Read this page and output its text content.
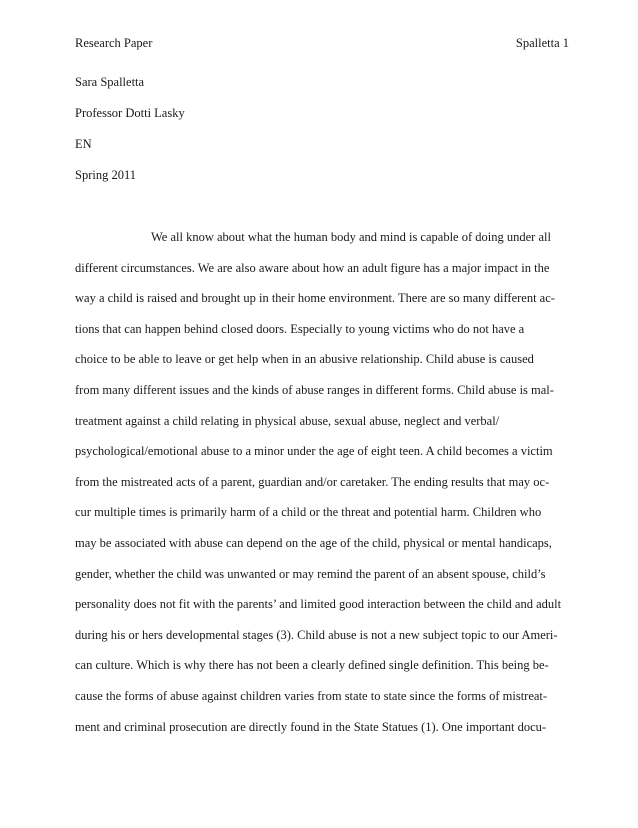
Research Paper	Spalletta 1
Sara Spalletta
Professor Dotti Lasky
EN
Spring 2011
We all know about what the human body and mind is capable of doing under all
different circumstances. We are also aware about how an adult figure has a major impact in the
way a child is raised and brought up in their home environment. There are so many different ac-
tions that can happen behind closed doors. Especially to young victims who do not have a
choice to be able to leave or get help when in an abusive relationship. Child abuse is caused
from many different issues and the kinds of abuse ranges in different forms. Child abuse is mal-
treatment against a child relating in physical abuse, sexual abuse, neglect and verbal/
psychological/emotional abuse to a minor under the age of eight teen. A child becomes a victim
from the mistreated acts of a parent, guardian and/or caretaker. The ending results that may oc-
cur multiple times is primarily harm of a child or the threat and potential harm. Children who
may be associated with abuse can depend on the age of the child, physical or mental handicaps,
gender, whether the child was unwanted or may remind the parent of an absent spouse, child’s
personality does not fit with the parents’ and limited good interaction between the child and adult
during his or hers developmental stages (3). Child abuse is not a new subject topic to our Ameri-
can culture. Which is why there has not been a clearly defined single definition. This being be-
cause the forms of abuse against children varies from state to state since the forms of mistreat-
ment and criminal prosecution are directly found in the State Statues (1). One important docu-
